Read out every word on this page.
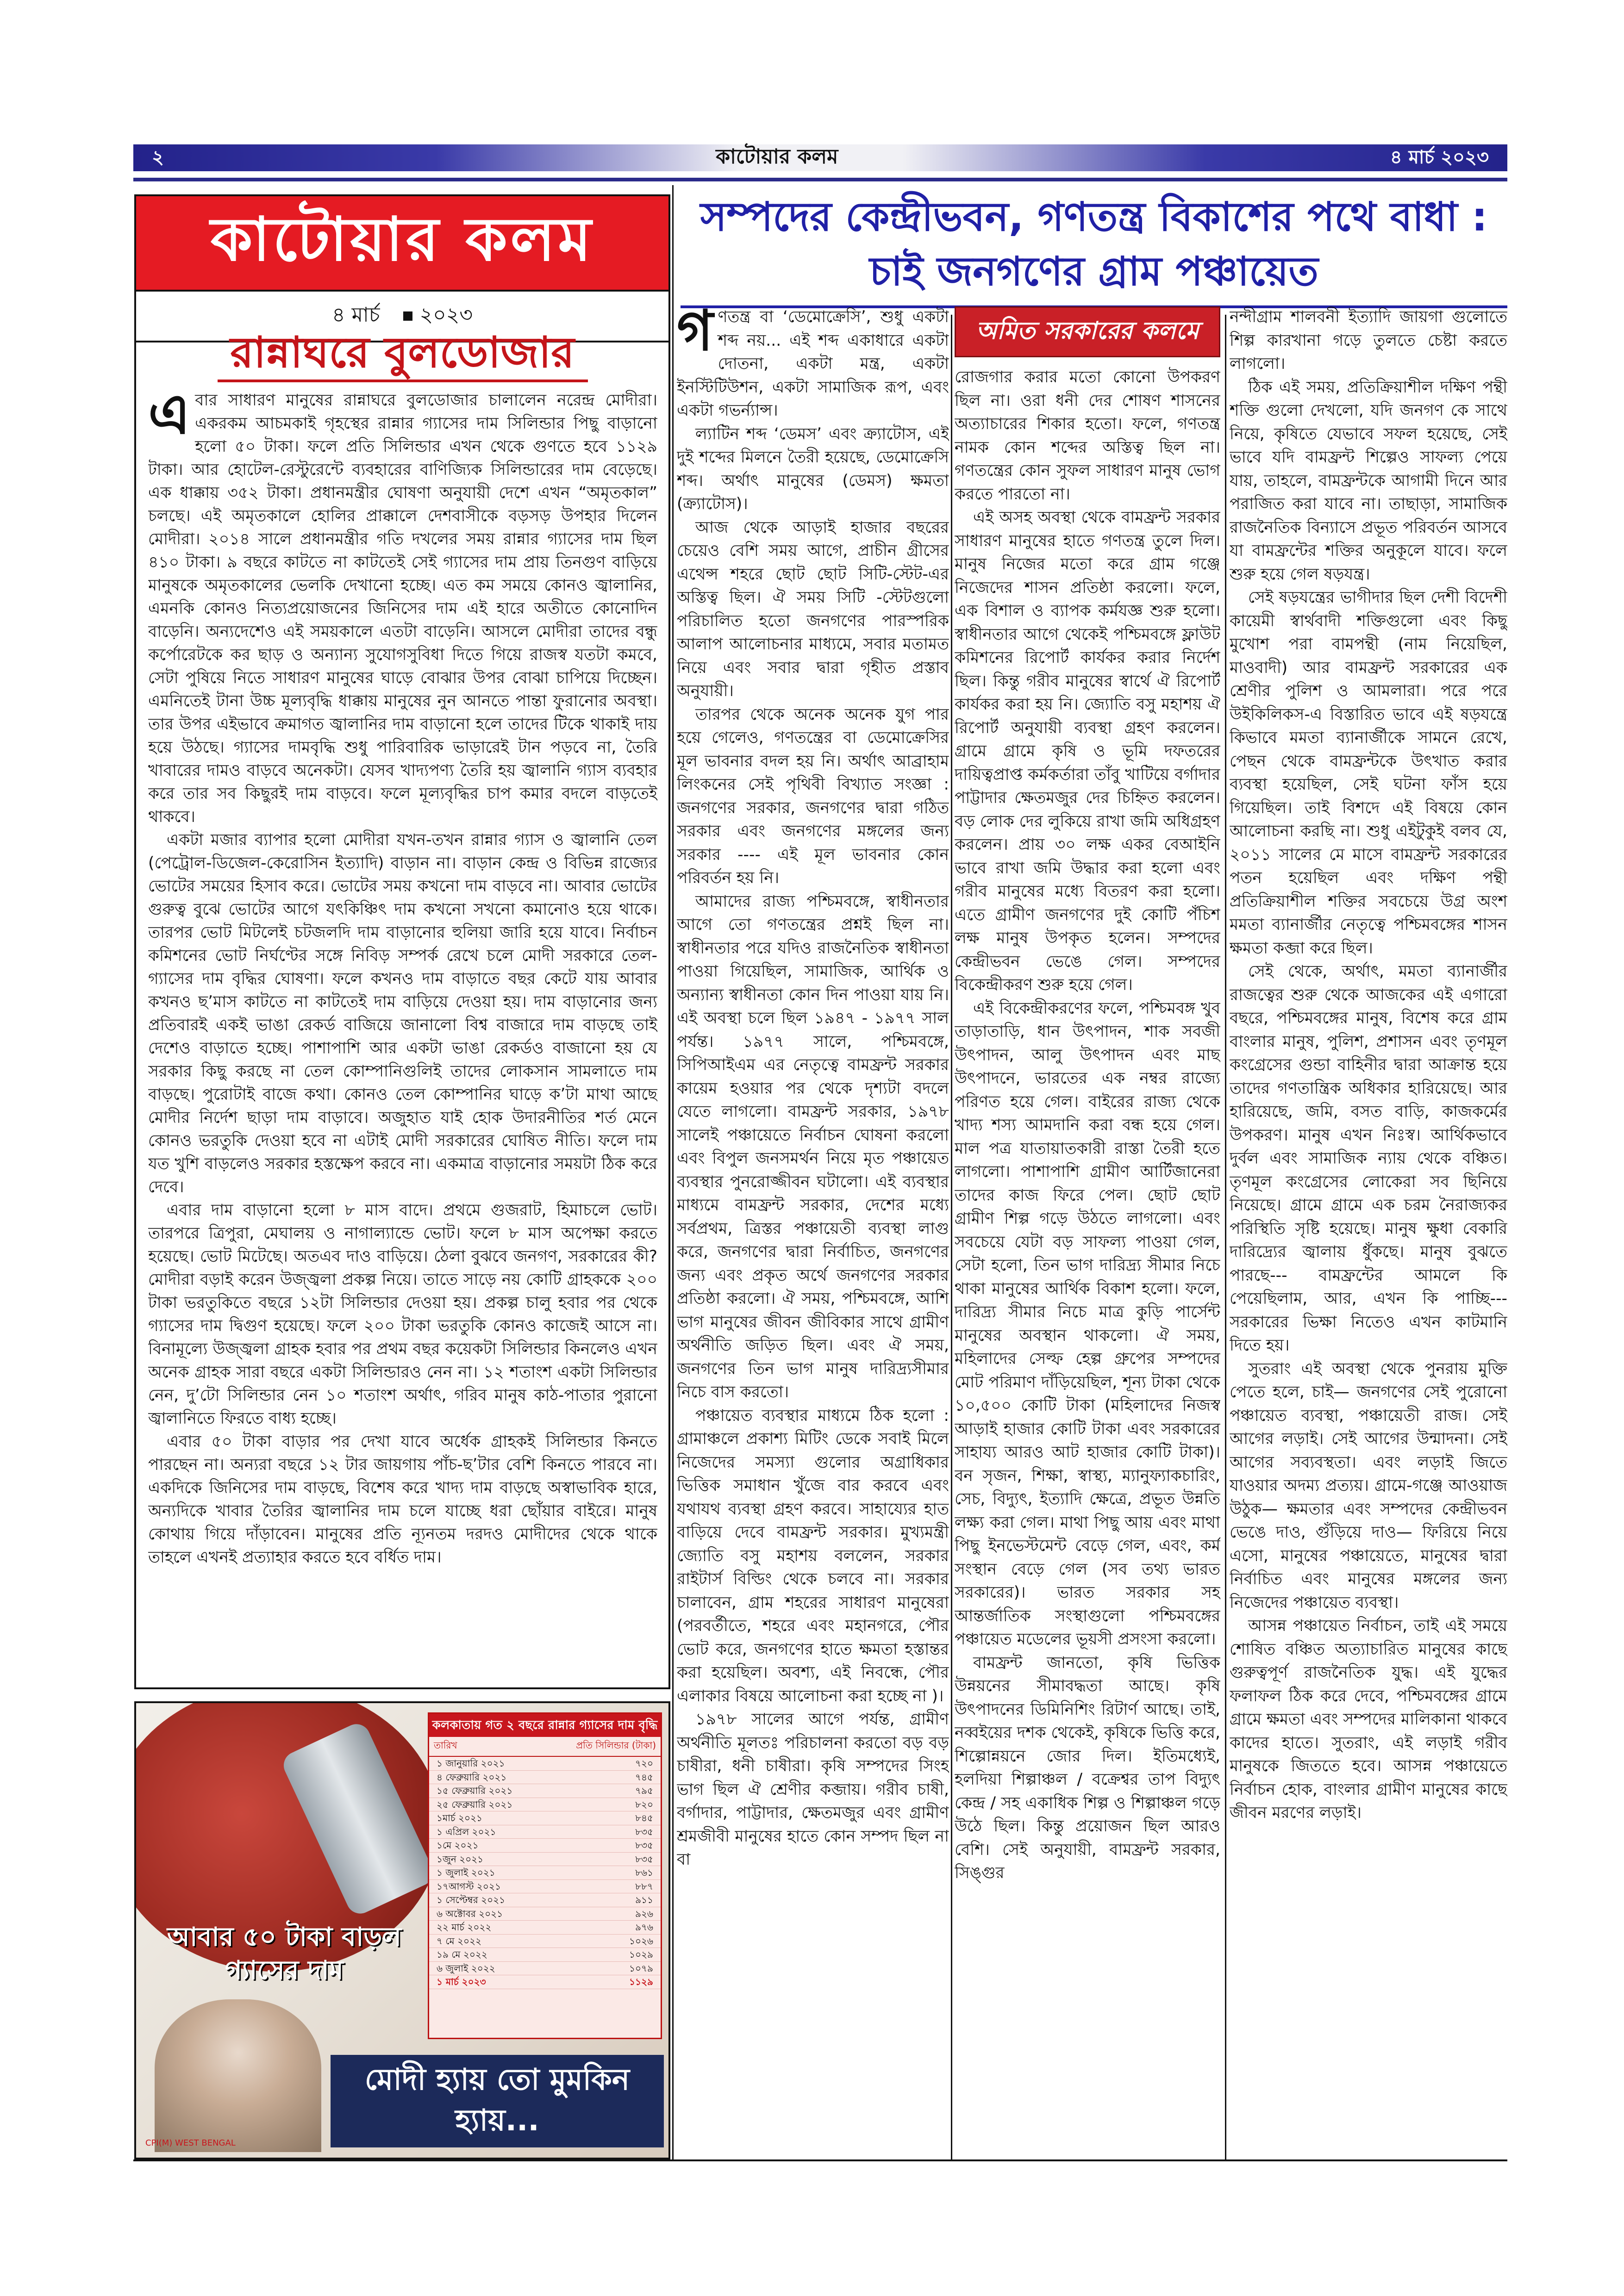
২	কাটোয়ার কলম	৪ মার্চ ২০২৩
কাটোয়ার কলম
৪ মার্চ ২০২৩
রান্নাঘরে বুলডোজার

এবার সাধারণ মানুষের রান্নাঘরে বুলডোজার চালালেন নরেন্দ্র মোদীরা। একরকম আচমকাই গৃহস্থের রান্নার গ্যাসের দাম সিলিন্ডার পিছু বাড়ানো হলো ৫০ টাকা। ফলে প্রতি সিলিন্ডার এখন থেকে গুণতে হবে ১১২৯ টাকা। আর হোটেল-রেস্টুরেন্টে ব্যবহারের বাণিজ্যিক সিলিন্ডারের দাম বেড়েছে। এক ধাক্কায় ৩৫২ টাকা। প্রধানমন্ত্রীর ঘোষণা অনুযায়ী দেশে এখন “অমৃতকাল” চলছে। এই অমৃতকালে হোলির প্রাক্কালে দেশবাসীকে বড়সড় উপহার দিলেন মোদীরা। ২০১৪ সালে প্রধানমন্ত্রীর গতি দখলের সময় রান্নার গ্যাসের দাম ছিল ৪১০ টাকা। ৯ বছরে কাটতে না কাটতেই সেই গ্যাসের দাম প্রায় তিনগুণ বাড়িয়ে মানুষকে অমৃতকালের ভেলকি দেখানো হচ্ছে। এত কম সময়ে কোনও জ্বালানির, এমনকি কোনও নিত্যপ্রয়োজনের জিনিসের দাম এই হারে অতীতে কোনোদিন বাড়েনি। অন্যদেশেও এই সময়কালে এতটা বাড়েনি। আসলে মোদীরা তাদের বন্ধু কর্পোরেটকে কর ছাড় ও অন্যান্য সুযোগসুবিধা দিতে গিয়ে রাজস্ব যতটা কমবে, সেটা পুষিয়ে নিতে সাধারণ মানুষের ঘাড়ে বোঝার উপর বোঝা চাপিয়ে দিচ্ছেন। এমনিতেই টানা উচ্চ মূল্যবৃদ্ধি ধাক্কায় মানুষের নুন আনতে পান্তা ফুরানোর অবস্থা। তার উপর এইভাবে ক্রমাগত জ্বালানির দাম বাড়ানো হলে তাদের টিকে থাকাই দায় হয়ে উঠছে। গ্যাসের দামবৃদ্ধি শুধু পারিবারিক ভাড়ারেই টান পড়বে না, তৈরি খাবারের দামও বাড়বে অনেকটা। যেসব খাদ্যপণ্য তৈরি হয় জ্বালানি গ্যাস ব্যবহার করে তার সব কিছুরই দাম বাড়বে। ফলে মূল্যবৃদ্ধির চাপ কমার বদলে বাড়তেই থাকবে।

একটা মজার ব্যাপার হলো মোদীরা যখন-তখন রান্নার গ্যাস ও জ্বালানি তেল (পেট্রোল-ডিজেল-কেরোসিন ইত্যাদি) বাড়ান না। বাড়ান কেন্দ্র ও বিভিন্ন রাজ্যের ভোটের সময়ের হিসাব করে। ভোটের সময় কখনো দাম বাড়বে না। আবার ভোটের গুরুত্ব বুঝে ভোটের আগে যৎকিঞ্চিৎ দাম কখনো সখনো কমানোও হয়ে থাকে। তারপর ভোট মিটলেই চটজলদি দাম বাড়ানোর হুলিয়া জারি হয়ে যাবে। নির্বাচন কমিশনের ভোট নির্ঘণ্টের সঙ্গে নিবিড় সম্পর্ক রেখে চলে মোদী সরকারে তেল-গ্যাসের দাম বৃদ্ধির ঘোষণা। ফলে কখনও দাম বাড়াতে বছর কেটে যায় আবার কখনও ছ’মাস কাটতে না কাটতেই দাম বাড়িয়ে দেওয়া হয়। দাম বাড়ানোর জন্য প্রতিবারই একই ভাঙা রেকর্ড বাজিয়ে জানালো বিশ্ব বাজারে দাম বাড়ছে তাই দেশেও বাড়াতে হচ্ছে। পাশাপাশি আর একটা ভাঙা রেকর্ডও বাজানো হয় যে সরকার কিছু করছে না তেল কোম্পানিগুলিই তাদের লোকসান সামলাতে দাম বাড়ছে। পুরোটাই বাজে কথা। কোনও তেল কোম্পানির ঘাড়ে ক’টা মাথা আছে মোদীর নির্দেশ ছাড়া দাম বাড়াবে। অজুহাত যাই হোক উদারনীতির শর্ত মেনে কোনও ভরতুকি দেওয়া হবে না এটাই মোদী সরকারের ঘোষিত নীতি। ফলে দাম যত খুশি বাড়লেও সরকার হস্তক্ষেপ করবে না। একমাত্র বাড়ানোর সময়টা ঠিক করে দেবে।

এবার দাম বাড়ানো হলো ৮ মাস বাদে। প্রথমে গুজরাট, হিমাচলে ভোট। তারপরে ত্রিপুরা, মেঘালয় ও নাগাল্যান্ডে ভোট। ফলে ৮ মাস অপেক্ষা করতে হয়েছে। ভোট মিটেছে। অতএব দাও বাড়িয়ে। ঠেলা বুঝবে জনগণ, সরকারের কী? মোদীরা বড়াই করেন উজ্জ্বলা প্রকল্প নিয়ে। তাতে সাড়ে নয় কোটি গ্রাহককে ২০০ টাকা ভরতুকিতে বছরে ১২টা সিলিন্ডার দেওয়া হয়। প্রকল্প চালু হবার পর থেকে গ্যাসের দাম দ্বিগুণ হয়েছে। ফলে ২০০ টাকা ভরতুকি কোনও কাজেই আসে না। বিনামূল্যে উজ্জ্বলা গ্রাহক হবার পর প্রথম বছর কয়েকটা সিলিন্ডার কিনলেও এখন অনেক গ্রাহক সারা বছরে একটা সিলিন্ডারও নেন না। ১২ শতাংশ একটা সিলিন্ডার নেন, দু’টো সিলিন্ডার নেন ১০ শতাংশ অর্থাৎ, গরিব মানুষ কাঠ-পাতার পুরানো জ্বালানিতে ফিরতে বাধ্য হচ্ছে।

এবার ৫০ টাকা বাড়ার পর দেখা যাবে অর্ধেক গ্রাহকই সিলিন্ডার কিনতে পারছেন না। অন্যরা বছরে ১২ টার জায়গায় পাঁচ-ছ’টার বেশি কিনতে পারবে না। একদিকে জিনিসের দাম বাড়ছে, বিশেষ করে খাদ্য দাম বাড়ছে অস্বাভাবিক হারে, অন্যদিকে খাবার তৈরির জ্বালানির দাম চলে যাচ্ছে ধরা ছোঁয়ার বাইরে। মানুষ কোথায় গিয়ে দাঁড়াবেন। মানুষের প্রতি ন্যূনতম দরদও মোদীদের থেকে থাকে তাহলে এখনই প্রত্যাহার করতে হবে বর্ধিত দাম।

কলকাতায় গত ২ বছরে রান্নার গ্যাসের দাম বৃদ্ধি
তারিখ	প্রতি সিলিন্ডার (টাকা)
১ জানুয়ারি ২০২১	৭২০
৪ ফেব্রুয়ারি ২০২১	৭৪৫
১৫ ফেব্রুয়ারি ২০২১	৭৯৫
২৫ ফেব্রুয়ারি ২০২১	৮২০
১মার্চ ২০২১	৮৪৫
১ এপ্রিল ২০২১	৮৩৫
১মে ২০২১	৮৩৫
১জুন ২০২১	৮৩৫
১ জুলাই ২০২১	৮৬১
১৭আগস্ট ২০২১	৮৮৭
১ সেপ্টেম্বর ২০২১	৯১১
৬ অক্টোবর ২০২১	৯২৬
২২ মার্চ ২০২২	৯৭৬
৭ মে ২০২২	১০২৬
১৯ মে ২০২২	১০২৯
৬ জুলাই ২০২২	১০৭৯
১ মার্চ ২০২৩	১১২৯
আবার ৫০ টাকা বাড়ল গ্যাসের দাম
মোদী হ্যায় তো মুমকিন হ্যায়...
CPI(M) WEST BENGAL
সম্পদের কেন্দ্রীভবন, গণতন্ত্র বিকাশের পথে বাধা :
চাই জনগণের গ্রাম পঞ্চায়েত
অমিত সরকারের কলমে

গণতন্ত্র বা ‘ডেমোক্রেসি’, শুধু একটা শব্দ নয়... এই শব্দ একাধারে একটা দোতনা, একটা মন্ত্র, একটা ইনস্টিটিউশন, একটা সামাজিক রূপ, এবং একটা গভর্ন্যান্স।

ল্যাটিন শব্দ ‘ডেমস’ এবং ক্র্যাটোস, এই দুই শব্দের মিলনে তৈরী হয়েছে, ডেমোক্রেসি শব্দ। অর্থাৎ মানুষের (ডেমস) ক্ষমতা (ক্র্যাটোস)।

আজ থেকে আড়াই হাজার বছরের চেয়েও বেশি সময় আগে, প্রাচীন গ্রীসের এথেন্স শহরে ছোট ছোট সিটি-স্টেট-এর অস্তিত্ব ছিল। ঐ সময় সিটি -স্টেটগুলো পরিচালিত হতো জনগণের পারস্পরিক আলাপ আলোচনার মাধ্যমে, সবার মতামত নিয়ে এবং সবার দ্বারা গৃহীত প্রস্তাব অনুযায়ী।

তারপর থেকে অনেক অনেক যুগ পার হয়ে গেলেও, গণতন্ত্রের বা ডেমোক্রেসির মূল ভাবনার বদল হয় নি। অর্থাৎ আব্রাহাম লিংকনের সেই পৃথিবী বিখ্যাত সংজ্ঞা : জনগণের সরকার, জনগণের দ্বারা গঠিত সরকার এবং জনগণের মঙ্গলের জন্য সরকার ---- এই মূল ভাবনার কোন পরিবর্তন হয় নি।

আমাদের রাজ্য পশ্চিমবঙ্গে, স্বাধীনতার আগে তো গণতন্ত্রের প্রশ্নই ছিল না। স্বাধীনতার পরে যদিও রাজনৈতিক স্বাধীনতা পাওয়া গিয়েছিল, সামাজিক, আর্থিক ও অন্যান্য স্বাধীনতা কোন দিন পাওয়া যায় নি। এই অবস্থা চলে ছিল ১৯৪৭ - ১৯৭৭ সাল পর্যন্ত। ১৯৭৭ সালে, পশ্চিমবঙ্গে, সিপিআইএম এর নেতৃত্বে বামফ্রন্ট সরকার কায়েম হওয়ার পর থেকে দৃশ্যটা বদলে যেতে লাগলো। বামফ্রন্ট সরকার, ১৯৭৮ সালেই পঞ্চায়েতে নির্বাচন ঘোষনা করলো এবং বিপুল জনসমর্থন নিয়ে মৃত পঞ্চায়েত ব্যবস্থার পুনরোজ্জীবন ঘটালো। এই ব্যবস্থার মাধ্যমে বামফ্রন্ট সরকার, দেশের মধ্যে সর্বপ্রথম, ত্রিস্তর পঞ্চায়েতী ব্যবস্থা লাগু করে, জনগণের দ্বারা নির্বাচিত, জনগণের জন্য এবং প্রকৃত অর্থে জনগণের সরকার প্রতিষ্ঠা করলো। ঐ সময়, পশ্চিমবঙ্গে, আশি ভাগ মানুষের জীবন জীবিকার সাথে গ্রামীণ অর্থনীতি জড়িত ছিল। এবং ঐ সময়, জনগণের তিন ভাগ মানুষ দারিদ্র্যসীমার নিচে বাস করতো।

পঞ্চায়েত ব্যবস্থার মাধ্যমে ঠিক হলো : গ্রামাঞ্চলে প্রকাশ্য মিটিং ডেকে সবাই মিলে নিজেদের সমস্যা গুলোর অগ্রাধিকার ভিত্তিক সমাধান খুঁজে বার করবে এবং যথাযথ ব্যবস্থা গ্রহণ করবে। সাহায্যের হাত বাড়িয়ে দেবে বামফ্রন্ট সরকার। মুখ্যমন্ত্রী জ্যোতি বসু মহাশয় বললেন, সরকার রাইটার্স বিল্ডিং থেকে চলবে না। সরকার চালাবেন, গ্রাম শহরের সাধারণ মানুষেরা (পরবর্তীতে, শহরে এবং মহানগরে, পৌর ভোট করে, জনগণের হাতে ক্ষমতা হস্তান্তর করা হয়েছিল। অবশ্য, এই নিবন্ধে, পৌর এলাকার বিষয়ে আলোচনা করা হচ্ছে না )।

১৯৭৮ সালের আগে পর্যন্ত, গ্রামীণ অর্থনীতি মূলতঃ পরিচালনা করতো বড় বড় চাষীরা, ধনী চাষীরা। কৃষি সম্পদের সিংহ ভাগ ছিল ঐ শ্রেণীর কব্জায়। গরীব চাষী, বর্গাদার, পাট্টাদার, ক্ষেতমজুর এবং গ্রামীণ শ্রমজীবী মানুষের হাতে কোন সম্পদ ছিল না বা

রোজগার করার মতো কোনো উপকরণ ছিল না। ওরা ধনী দের শোষণ শাসনের অত্যাচারের শিকার হতো। ফলে, গণতন্ত্র নামক কোন শব্দের অস্তিত্ব ছিল না। গণতন্ত্রের কোন সুফল সাধারণ মানুষ ভোগ করতে পারতো না।

এই অসহ অবস্থা থেকে বামফ্রন্ট সরকার সাধারণ মানুষের হাতে গণতন্ত্র তুলে দিল। মানুষ নিজের মতো করে গ্রাম গঞ্জে নিজেদের শাসন প্রতিষ্ঠা করলো। ফলে, এক বিশাল ও ব্যাপক কর্মযজ্ঞ শুরু হলো। স্বাধীনতার আগে থেকেই পশ্চিমবঙ্গে ফ্লাউট কমিশনের রিপোর্ট কার্যকর করার নির্দেশ ছিল। কিন্তু গরীব মানুষের স্বার্থে ঐ রিপোর্ট কার্যকর করা হয় নি। জ্যোতি বসু মহাশয় ঐ রিপোর্ট অনুযায়ী ব্যবস্থা গ্রহণ করলেন। গ্রামে গ্রামে কৃষি ও ভূমি দফতরের দায়িত্বপ্রাপ্ত কর্মকর্তারা তাঁবু খাটিয়ে বর্গাদার পাট্টাদার ক্ষেতমজুর দের চিহ্নিত করলেন। বড় লোক দের লুকিয়ে রাখা জমি অধিগ্রহণ করলেন। প্রায় ৩০ লক্ষ একর বেআইনি ভাবে রাখা জমি উদ্ধার করা হলো এবং গরীব মানুষের মধ্যে বিতরণ করা হলো। এতে গ্রামীণ জনগণের দুই কোটি পঁচিশ লক্ষ মানুষ উপকৃত হলেন। সম্পদের কেন্দ্রীভবন ভেঙে গেল। সম্পদের বিকেন্দ্রীকরণ শুরু হয়ে গেল।

এই বিকেন্দ্রীকরণের ফলে, পশ্চিমবঙ্গ খুব তাড়াতাড়ি, ধান উৎপাদন, শাক সবজী উৎপাদন, আলু উৎপাদন এবং মাছ উৎপাদনে, ভারতের এক নম্বর রাজ্যে পরিণত হয়ে গেল। বাইরের রাজ্য থেকে খাদ্য শস্য আমদানি করা বন্ধ হয়ে গেল। মাল পত্র যাতায়াতকারী রাস্তা তৈরী হতে লাগলো। পাশাপাশি গ্রামীণ আর্টিজানেরা তাদের কাজ ফিরে পেল। ছোট ছোট গ্রামীণ শিল্প গড়ে উঠতে লাগলো। এবং সবচেয়ে যেটা বড় সাফল্য পাওয়া গেল, সেটা হলো, তিন ভাগ দারিদ্র্য সীমার নিচে থাকা মানুষের আর্থিক বিকাশ হলো। ফলে, দারিদ্র্য সীমার নিচে মাত্র কুড়ি পার্সেন্ট মানুষের অবস্থান থাকলো। ঐ সময়, মহিলাদের সেল্ফ হেল্প গ্রুপের সম্পদের মোট পরিমাণ দাঁড়িয়েছিল, শূন্য টাকা থেকে ১০,৫০০ কোটি টাকা (মহিলাদের নিজস্ব আড়াই হাজার কোটি টাকা এবং সরকারের সাহায্য আরও আট হাজার কোটি টাকা)। বন সৃজন, শিক্ষা, স্বাস্থ্য, ম্যানুফ্যাকচারিং, সেচ, বিদ্যুৎ, ইত্যাদি ক্ষেত্রে, প্রভূত উন্নতি লক্ষ্য করা গেল। মাথা পিছু আয় এবং মাথা পিছু ইনভেস্টমেন্ট বেড়ে গেল, এবং, কর্ম সংস্থান বেড়ে গেল (সব তথ্য ভারত সরকারের)। ভারত সরকার সহ আন্তর্জাতিক সংস্থাগুলো পশ্চিমবঙ্গের পঞ্চায়েত মডেলের ভূয়সী প্রসংসা করলো।

বামফ্রন্ট জানতো, কৃষি ভিত্তিক উন্নয়নের সীমাবদ্ধতা আছে। কৃষি উৎপাদনের ডিমিনিশিং রিটার্ণ আছে। তাই, নব্বইয়ের দশক থেকেই, কৃষিকে ভিত্তি করে, শিল্পোন্নয়নে জোর দিল। ইতিমধ্যেই, হলদিয়া শিল্পাঞ্চল / বক্রেশ্বর তাপ বিদ্যুৎ কেন্দ্র / সহ একাধিক শিল্প ও শিল্পাঞ্চল গড়ে উঠে ছিল। কিন্তু প্রয়োজন ছিল আরও বেশি। সেই অনুযায়ী, বামফ্রন্ট সরকার, সিঙ্গুর

নন্দীগ্রাম শালবনী ইত্যাদি জায়গা গুলোতে শিল্প কারখানা গড়ে তুলতে চেষ্টা করতে লাগলো।

ঠিক এই সময়, প্রতিক্রিয়াশীল দক্ষিণ পন্থী শক্তি গুলো দেখলো, যদি জনগণ কে সাথে নিয়ে, কৃষিতে যেভাবে সফল হয়েছে, সেই ভাবে যদি বামফ্রন্ট শিল্পেও সাফল্য পেয়ে যায়, তাহলে, বামফ্রন্টকে আগামী দিনে আর পরাজিত করা যাবে না। তাছাড়া, সামাজিক রাজনৈতিক বিন্যাসে প্রভূত পরিবর্তন আসবে যা বামফ্রন্টের শক্তির অনুকূলে যাবে। ফলে শুরু হয়ে গেল ষড়যন্ত্র।

সেই ষড়যন্ত্রের ভাগীদার ছিল দেশী বিদেশী কায়েমী স্বার্থবাদী শক্তিগুলো এবং কিছু মুখোশ পরা বামপন্থী (নাম নিয়েছিল, মাওবাদী) আর বামফ্রন্ট সরকারের এক শ্রেণীর পুলিশ ও আমলারা। পরে পরে উইকিলিকস-এ বিস্তারিত ভাবে এই ষড়যন্ত্রে কিভাবে মমতা ব্যানার্জীকে সামনে রেখে, পেছন থেকে বামফ্রন্টকে উৎখাত করার ব্যবস্থা হয়েছিল, সেই ঘটনা ফাঁস হয়ে গিয়েছিল। তাই বিশদে এই বিষয়ে কোন আলোচনা করছি না। শুধু এইটুকুই বলব যে, ২০১১ সালের মে মাসে বামফ্রন্ট সরকারের পতন হয়েছিল এবং দক্ষিণ পন্থী প্রতিক্রিয়াশীল শক্তির সবচেয়ে উগ্র অংশ মমতা ব্যানার্জীর নেতৃত্বে পশ্চিমবঙ্গের শাসন ক্ষমতা কব্জা করে ছিল।

সেই থেকে, অর্থাৎ, মমতা ব্যানার্জীর রাজত্বের শুরু থেকে আজকের এই এগারো বছরে, পশ্চিমবঙ্গের মানুষ, বিশেষ করে গ্রাম বাংলার মানুষ, পুলিশ, প্রশাসন এবং তৃণমূল কংগ্রেসের গুন্ডা বাহিনীর দ্বারা আক্রান্ত হয়ে তাদের গণতান্ত্রিক অধিকার হারিয়েছে। আর হারিয়েছে, জমি, বসত বাড়ি, কাজকর্মের উপকরণ। মানুষ এখন নিঃস্ব। আর্থিকভাবে দুর্বল এবং সামাজিক ন্যায় থেকে বঞ্চিত। তৃণমূল কংগ্রেসের লোকেরা সব ছিনিয়ে নিয়েছে। গ্রামে গ্রামে এক চরম নৈরাজ্যকর পরিস্থিতি সৃষ্টি হয়েছে। মানুষ ক্ষুধা বেকারি দারিদ্র্যের জ্বালায় ধুঁকছে। মানুষ বুঝতে পারছে--- বামফ্রন্টের আমলে কি পেয়েছিলাম, আর, এখন কি পাচ্ছি--- সরকারের ভিক্ষা নিতেও এখন কাটমানি দিতে হয়।

সুতরাং এই অবস্থা থেকে পুনরায় মুক্তি পেতে হলে, চাই— জনগণের সেই পুরোনো পঞ্চায়েত ব্যবস্থা, পঞ্চায়েতী রাজ। সেই আগের লড়াই। সেই আগের উন্মাদনা। সেই আগের সব্যবস্থতা। এবং লড়াই জিতে যাওয়ার অদম্য প্রত্যয়। গ্রামে-গঞ্জে আওয়াজ উঠুক— ক্ষমতার এবং সম্পদের কেন্দ্রীভবন ভেঙে দাও, গুঁড়িয়ে দাও— ফিরিয়ে নিয়ে এসো, মানুষের পঞ্চায়েতে, মানুষের দ্বারা নির্বাচিত এবং মানুষের মঙ্গলের জন্য নিজেদের পঞ্চায়েত ব্যবস্থা।

আসন্ন পঞ্চায়েত নির্বাচন, তাই এই সময়ে শোষিত বঞ্চিত অত্যাচারিত মানুষের কাছে গুরুত্বপূর্ণ রাজনৈতিক যুদ্ধ। এই যুদ্ধের ফলাফল ঠিক করে দেবে, পশ্চিমবঙ্গের গ্রামে গ্রামে ক্ষমতা এবং সম্পদের মালিকানা থাকবে কাদের হাতে। সুতরাং, এই লড়াই গরীব মানুষকে জিততে হবে। আসন্ন পঞ্চায়েতে নির্বাচন হোক, বাংলার গ্রামীণ মানুষের কাছে জীবন মরণের লড়াই।
